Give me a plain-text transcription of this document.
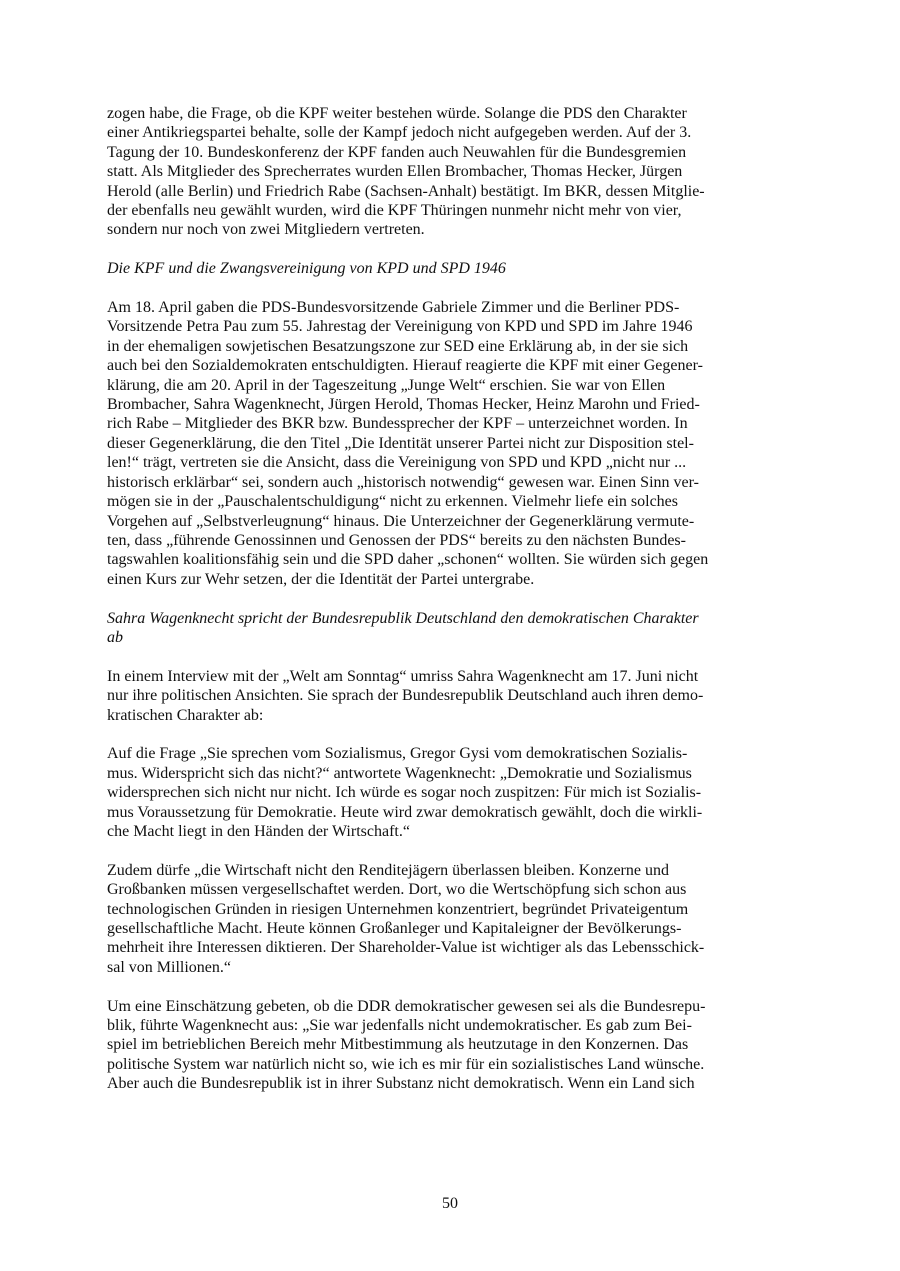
zogen habe, die Frage, ob die KPF weiter bestehen würde. Solange die PDS den Charakter
einer Antikriegspartei behalte, solle der Kampf jedoch nicht aufgegeben werden. Auf der 3.
Tagung der 10. Bundeskonferenz der KPF fanden auch Neuwahlen für die Bundesgremien
statt. Als Mitglieder des Sprecherrates wurden Ellen Brombacher, Thomas Hecker, Jürgen
Herold (alle Berlin) und Friedrich Rabe (Sachsen-Anhalt) bestätigt. Im BKR, dessen Mitglie-
der ebenfalls neu gewählt wurden, wird die KPF Thüringen nunmehr nicht mehr von vier,
sondern nur noch von zwei Mitgliedern vertreten.

Die KPF und die Zwangsvereinigung von KPD und SPD 1946

Am 18. April gaben die PDS-Bundesvorsitzende Gabriele Zimmer und die Berliner PDS-
Vorsitzende Petra Pau zum 55. Jahrestag der Vereinigung von KPD und SPD im Jahre 1946
in der ehemaligen sowjetischen Besatzungszone zur SED eine Erklärung ab, in der sie sich
auch bei den Sozialdemokraten entschuldigten. Hierauf reagierte die KPF mit einer Gegener-
klärung, die am 20. April in der Tageszeitung „Junge Welt“ erschien. Sie war von Ellen
Brombacher, Sahra Wagenknecht, Jürgen Herold, Thomas Hecker, Heinz Marohn und Fried-
rich Rabe – Mitglieder des BKR bzw. Bundessprecher der KPF – unterzeichnet worden. In
dieser Gegenerklärung, die den Titel „Die Identität unserer Partei nicht zur Disposition stel-
len!“ trägt, vertreten sie die Ansicht, dass die Vereinigung von SPD und KPD „nicht nur ...
historisch erklärbar“ sei, sondern auch „historisch notwendig“ gewesen war. Einen Sinn ver-
mögen sie in der „Pauschalentschuldigung“ nicht zu erkennen. Vielmehr liefe ein solches
Vorgehen auf „Selbstverleugnung“ hinaus. Die Unterzeichner der Gegenerklärung vermute-
ten, dass „führende Genossinnen und Genossen der PDS“ bereits zu den nächsten Bundes-
tagswahlen koalitionsfähig sein und die SPD daher „schonen“ wollten. Sie würden sich gegen
einen Kurs zur Wehr setzen, der die Identität der Partei untergrabe.

Sahra Wagenknecht spricht der Bundesrepublik Deutschland den demokratischen Charakter
ab

In einem Interview mit der „Welt am Sonntag“ umriss Sahra Wagenknecht am 17. Juni nicht
nur ihre politischen Ansichten. Sie sprach der Bundesrepublik Deutschland auch ihren demo-
kratischen Charakter ab:

Auf die Frage „Sie sprechen vom Sozialismus, Gregor Gysi vom demokratischen Sozialis-
mus. Widerspricht sich das nicht?“ antwortete Wagenknecht: „Demokratie und Sozialismus
widersprechen sich nicht nur nicht. Ich würde es sogar noch zuspitzen: Für mich ist Sozialis-
mus Voraussetzung für Demokratie. Heute wird zwar demokratisch gewählt, doch die wirkli-
che Macht liegt in den Händen der Wirtschaft.“

Zudem dürfe „die Wirtschaft nicht den Renditejägern überlassen bleiben. Konzerne und
Großbanken müssen vergesellschaftet werden. Dort, wo die Wertschöpfung sich schon aus
technologischen Gründen in riesigen Unternehmen konzentriert, begründet Privateigentum
gesellschaftliche Macht. Heute können Großanleger und Kapitaleigner der Bevölkerungs-
mehrheit ihre Interessen diktieren. Der Shareholder-Value ist wichtiger als das Lebensschick-
sal von Millionen.“

Um eine Einschätzung gebeten, ob die DDR demokratischer gewesen sei als die Bundesrepu-
blik, führte Wagenknecht aus: „Sie war jedenfalls nicht undemokratischer. Es gab zum Bei-
spiel im betrieblichen Bereich mehr Mitbestimmung als heutzutage in den Konzernen. Das
politische System war natürlich nicht so, wie ich es mir für ein sozialistisches Land wünsche.
Aber auch die Bundesrepublik ist in ihrer Substanz nicht demokratisch. Wenn ein Land sich

50
